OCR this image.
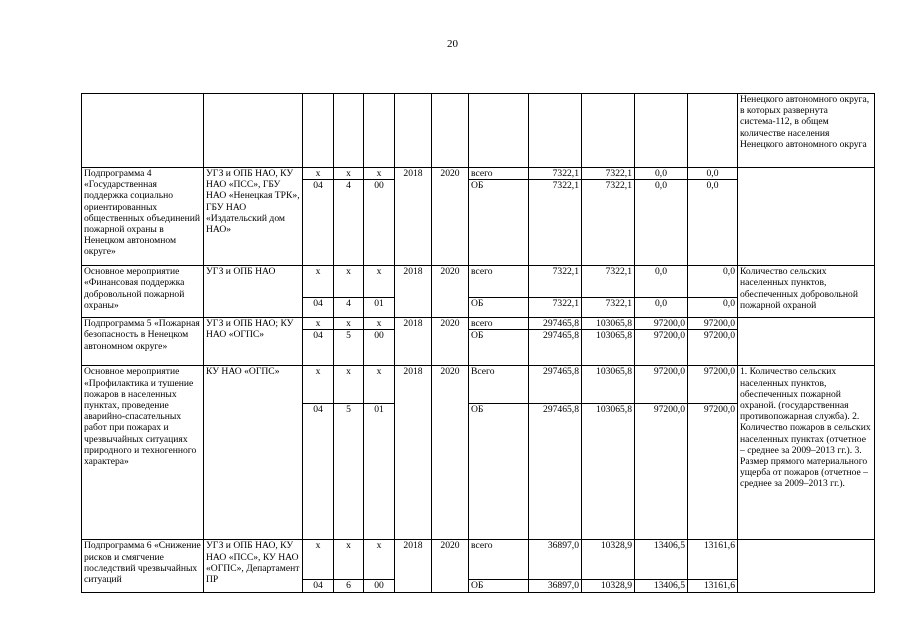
20
													Ненецкого автономного округа, в которых развернута система-112, в общем количестве населения Ненецкого автономного округа
	Подпрограмма 4 «Государственная поддержка социально ориентированных общественных объединений пожарной охраны в Ненецком автономном округе»	УГЗ и ОПБ НАО, КУ НАО «ПСС», ГБУ НАО «Ненецкая ТРК», ГБУ НАО «Издательский дом НАО»	х	х	х	2018	2020	всего	7322,1	7322,1	0,0	0,0	
		04	4	00			ОБ	7322,1	7322,1	0,0	0,0	
	Основное мероприятие «Финансовая поддержка добровольной пожарной охраны»	УГЗ и ОПБ НАО	х	х	х	2018	2020	всего	7322,1	7322,1	0,0	0,0	Количество сельских населенных пунктов, обеспеченных добровольной пожарной охраной
		04	4	01			ОБ	7322,1	7322,1	0,0	0,0	
	Подпрограмма 5 «Пожарная безопасность в Ненецком автономном округе»	УГЗ и ОПБ НАО; КУ НАО «ОГПС»	х	х	х	2018	2020	всего	297465,8	103065,8	97200,0	97200,0	
		04	5	00			ОБ	297465,8	103065,8	97200,0	97200,0	
	Основное мероприятие «Профилактика и тушение пожаров в населенных пунктах, проведение аварийно-спасательных работ при пожарах и чрезвычайных ситуациях природного и техногенного характера»	КУ НАО «ОГПС»	х	х	х	2018	2020	Всего	297465,8	103065,8	97200,0	97200,0	1. Количество сельских населенных пунктов, обеспеченных пожарной охраной. (государственная противопожарная служба). 2. Количество пожаров в сельских населенных пунктах (отчетное – среднее за 2009–2013 гг.). 3. Размер прямого материального ущерба от пожаров (отчетное – среднее за 2009–2013 гг.).
		04	5	01			ОБ	297465,8	103065,8	97200,0	97200,0	
	Подпрограмма 6 «Снижение рисков и смягчение последствий чрезвычайных ситуаций	УГЗ и ОПБ НАО, КУ НАО «ПСС», КУ НАО «ОГПС», Департамент ПР	х	х	х	2018	2020	всего	36897,0	10328,9	13406,5	13161,6	
		04	6	00			ОБ	36897,0	10328,9	13406,5	13161,6	
